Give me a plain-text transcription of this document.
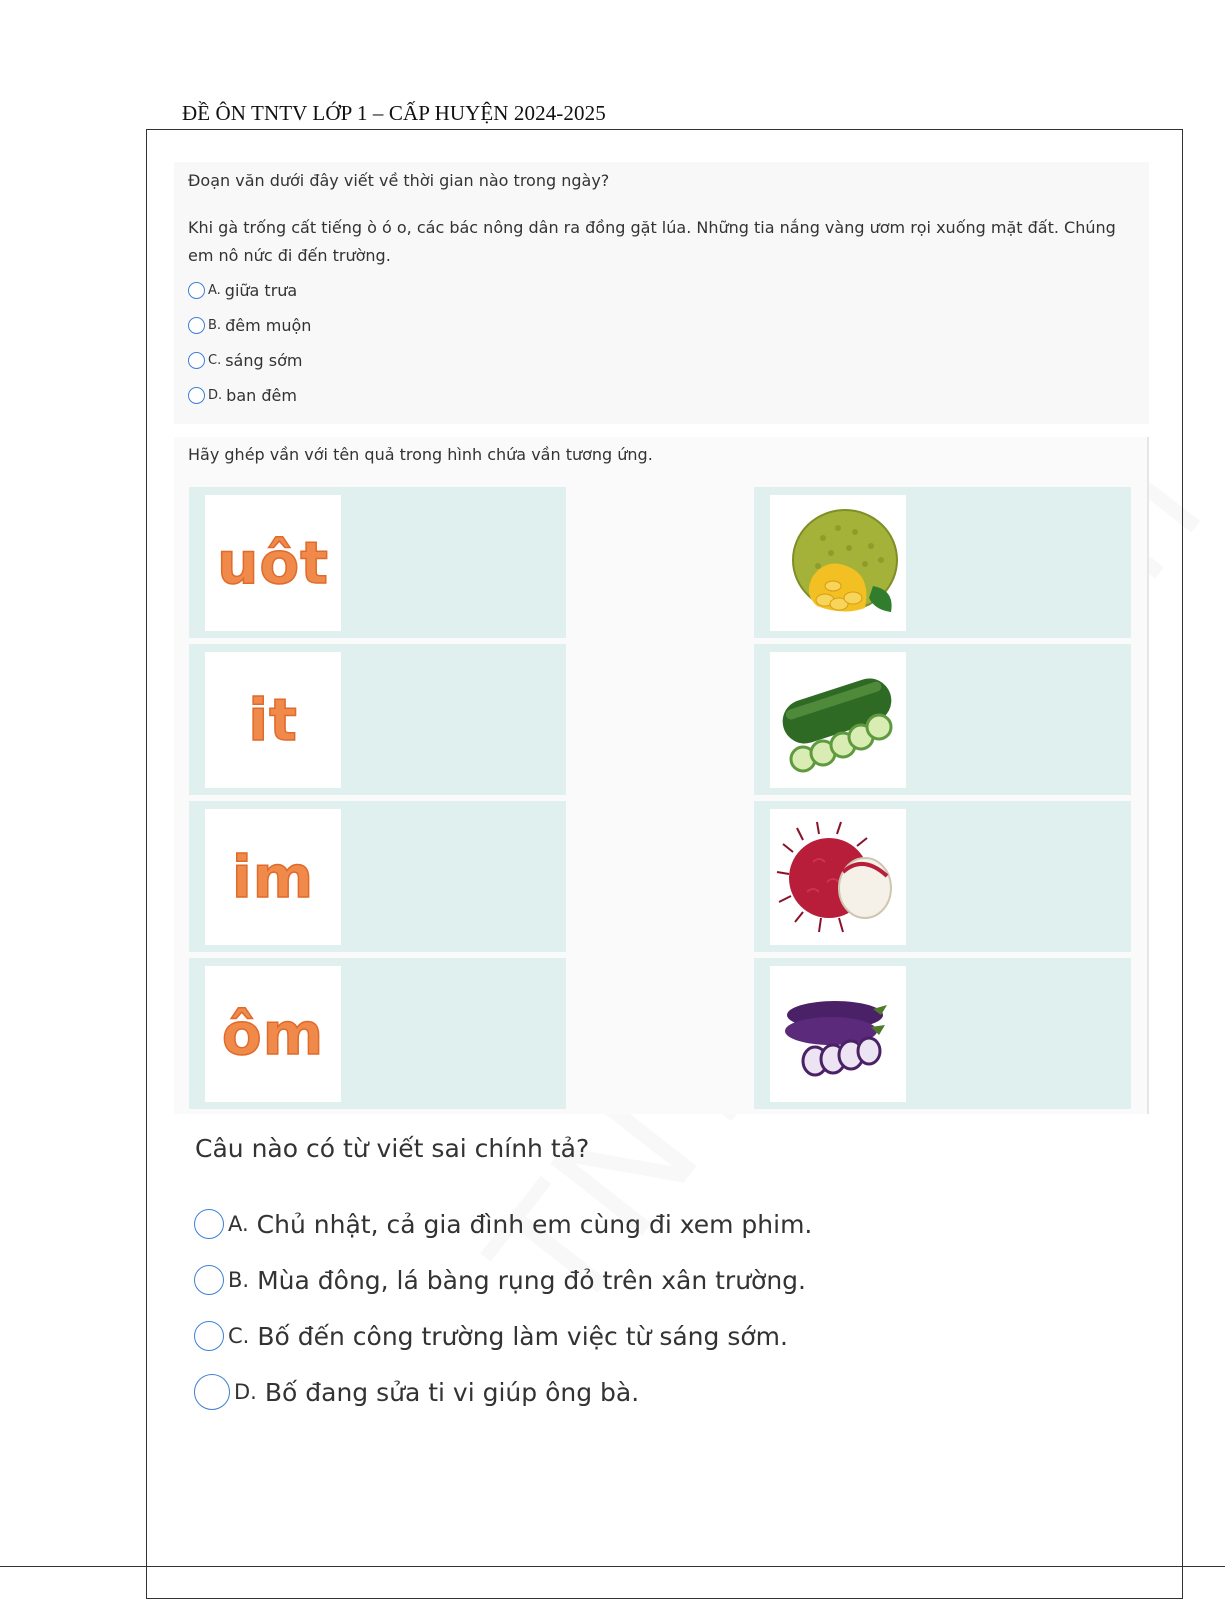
ĐỀ ÔN TNTV LỚP 1 – CẤP HUYỆN 2024-2025
Đoạn văn dưới đây viết về thời gian nào trong ngày?
Khi gà trống cất tiếng ò ó o, các bác nông dân ra đồng gặt lúa. Những tia nắng vàng ươm rọi xuống mặt đất. Chúng em nô nức đi đến trường.
A. giữa trưa
B. đêm muộn
C. sáng sớm
D. ban đêm
Hãy ghép vần với tên quả trong hình chứa vần tương ứng.
uôt
it
im
ôm
Câu nào có từ viết sai chính tả?
A. Chủ nhật, cả gia đình em cùng đi xem phim.
B. Mùa đông, lá bàng rụng đỏ trên xân trường.
C. Bố đến công trường làm việc từ sáng sớm.
D. Bố đang sửa ti vi giúp ông bà.
